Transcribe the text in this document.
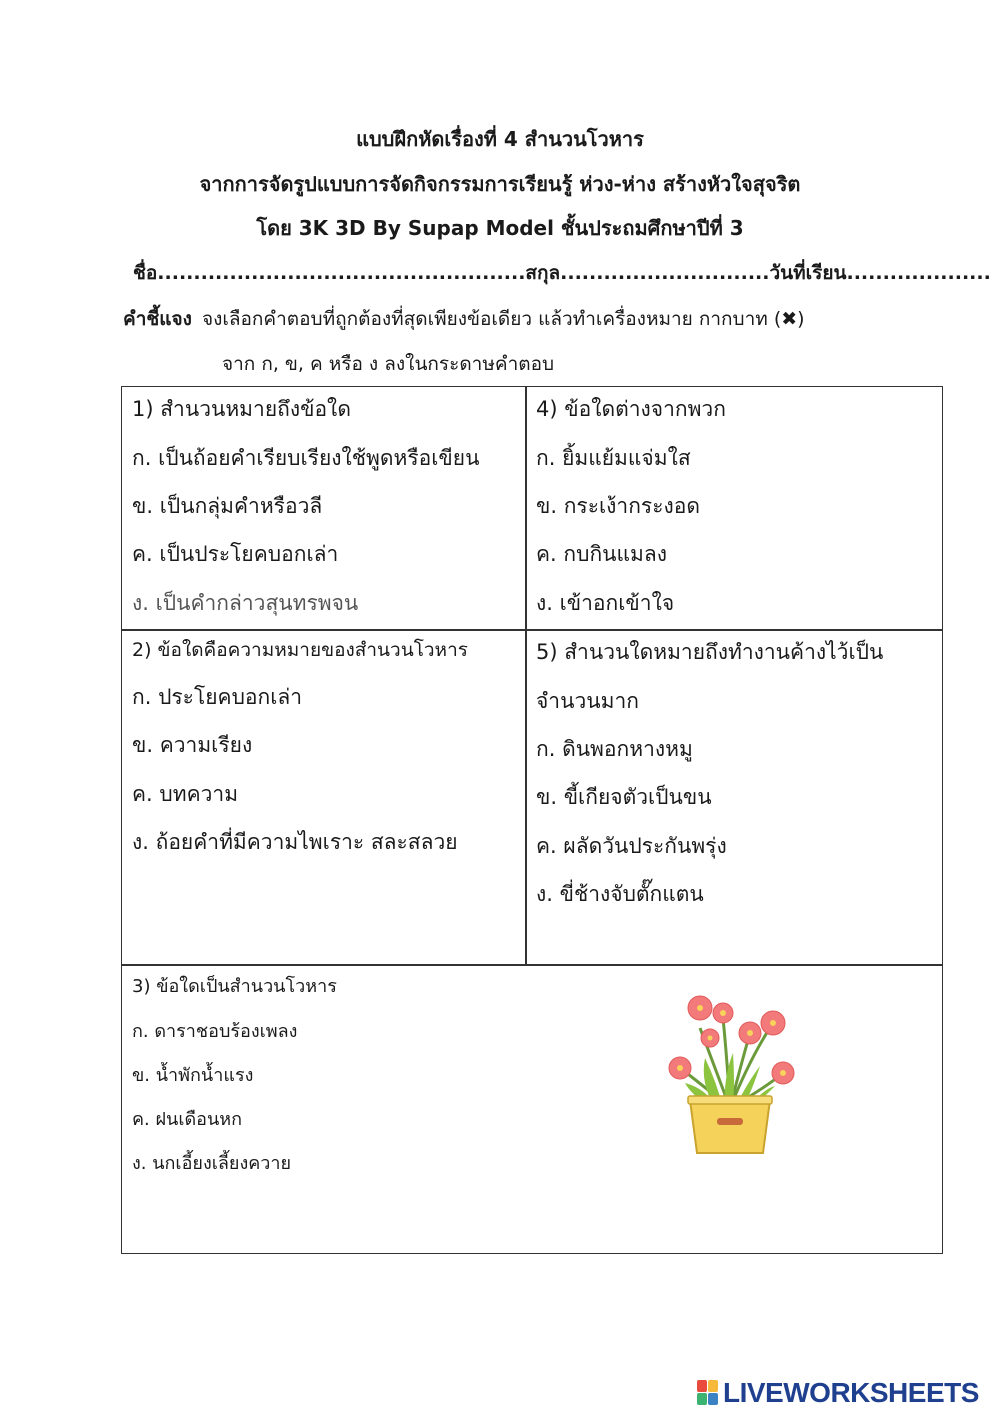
แบบฝึกหัดเรื่องที่ 4 สำนวนโวหาร
จากการจัดรูปแบบการจัดกิจกรรมการเรียนรู้ ห่วง-ห่าง สร้างหัวใจสุจริต
โดย 3K 3D By Supap Model ชั้นประถมศึกษาปีที่ 3
ชื่อ...................................................สกุล.............................วันที่เรียน....................
คำชี้แจง จงเลือกคำตอบที่ถูกต้องที่สุดเพียงข้อเดียว แล้วทำเครื่องหมาย กากบาท (✖)
จาก ก, ข, ค หรือ ง ลงในกระดาษคำตอบ
1) สำนวนหมายถึงข้อใด
ก. เป็นถ้อยคำเรียบเรียงใช้พูดหรือเขียน
ข. เป็นกลุ่มคำหรือวลี
ค. เป็นประโยคบอกเล่า
ง. เป็นคำกล่าวสุนทรพจน
4) ข้อใดต่างจากพวก
ก. ยิ้มแย้มแจ่มใส
ข. กระเง้ากระงอด
ค. กบกินแมลง
ง. เข้าอกเข้าใจ
2) ข้อใดคือความหมายของสำนวนโวหาร
ก. ประโยคบอกเล่า
ข. ความเรียง
ค. บทความ
ง. ถ้อยคำที่มีความไพเราะ สละสลวย
5) สำนวนใดหมายถึงทำงานค้างไว้เป็น
จำนวนมาก
ก. ดินพอกหางหมู
ข. ขี้เกียจตัวเป็นขน
ค. ผลัดวันประกันพรุ่ง
ง. ขี่ช้างจับตั๊กแตน
3) ข้อใดเป็นสำนวนโวหาร
ก. ดาราชอบร้องเพลง
ข. น้ำพักน้ำแรง
ค. ฝนเดือนหก
ง. นกเอี้ยงเลี้ยงควาย
LIVEWORKSHEETS
